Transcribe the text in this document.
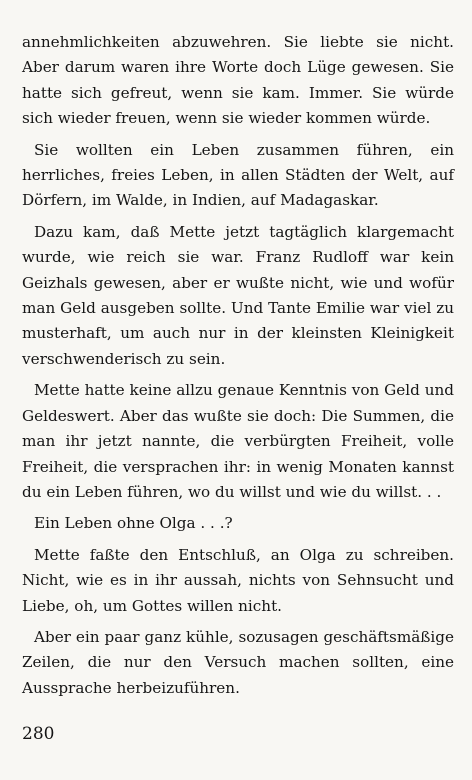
annehmlichkeiten abzuwehren. Sie liebte sie nicht. Aber darum waren ihre Worte doch Lüge gewesen. Sie hatte sich gefreut, wenn sie kam. Immer. Sie würde sich wieder freuen, wenn sie wieder kommen würde.

Sie wollten ein Leben zusammen führen, ein herrliches, freies Leben, in allen Städten der Welt, auf Dörfern, im Walde, in Indien, auf Madagaskar.

Dazu kam, daß Mette jetzt tagtäglich klargemacht wurde, wie reich sie war. Franz Rudloff war kein Geizhals gewesen, aber er wußte nicht, wie und wofür man Geld ausgeben sollte. Und Tante Emilie war viel zu musterhaft, um auch nur in der kleinsten Kleinigkeit verschwenderisch zu sein.

Mette hatte keine allzu genaue Kenntnis von Geld und Geldeswert. Aber das wußte sie doch: Die Summen, die man ihr jetzt nannte, die verbürgten Freiheit, volle Freiheit, die versprachen ihr: in wenig Monaten kannst du ein Leben führen, wo du willst und wie du willst. . .

Ein Leben ohne Olga . . .?

Mette faßte den Entschluß, an Olga zu schreiben. Nicht, wie es in ihr aussah, nichts von Sehnsucht und Liebe, oh, um Gottes willen nicht.

Aber ein paar ganz kühle, sozusagen geschäftsmäßige Zeilen, die nur den Versuch machen sollten, eine Aussprache herbeizuführen.

280
